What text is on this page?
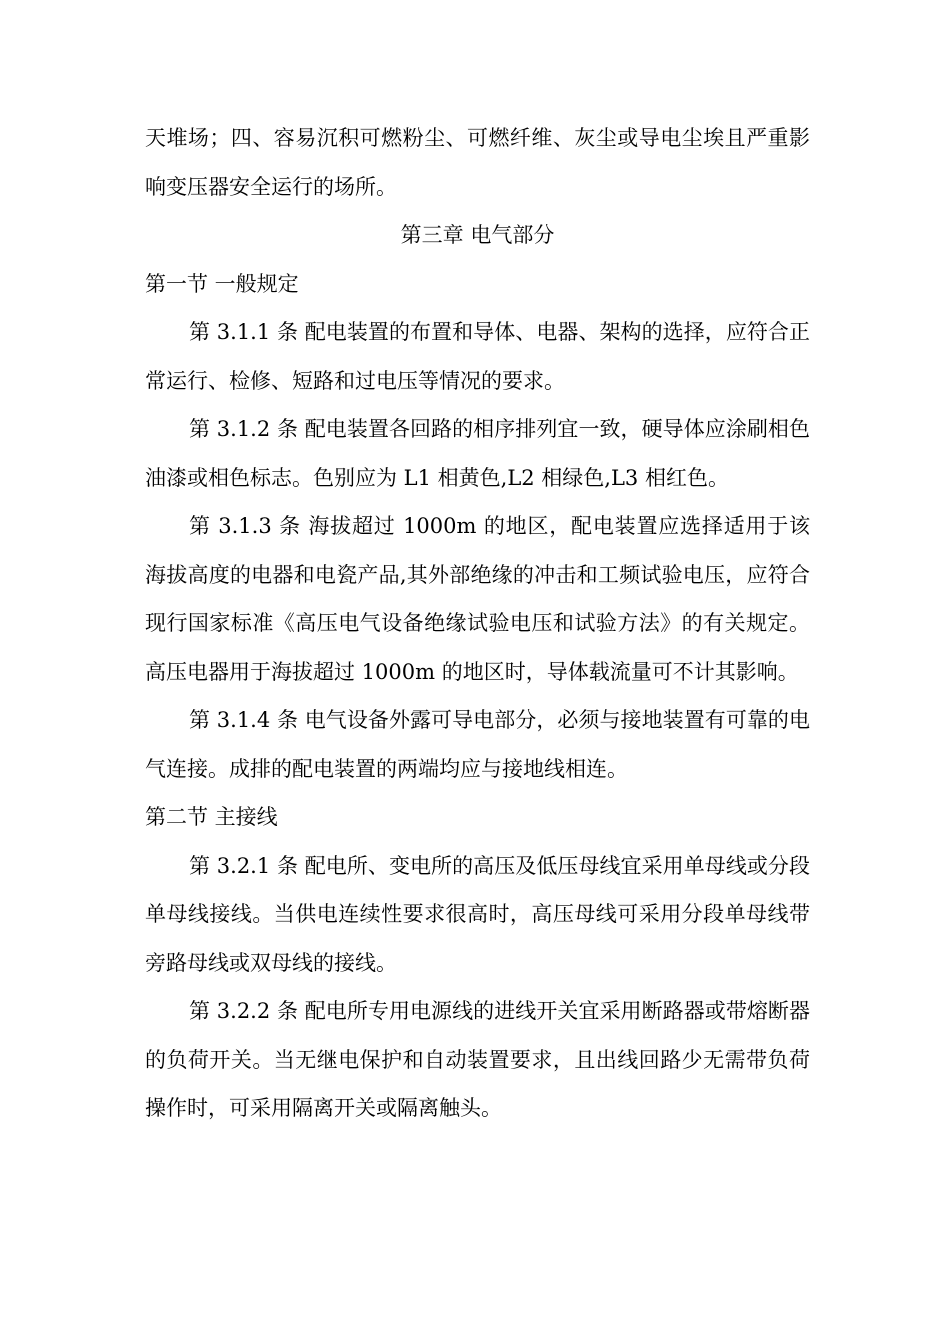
天堆场；四、容易沉积可燃粉尘、可燃纤维、灰尘或导电尘埃且严重影响变压器安全运行的场所。

第三章 电气部分

第一节 一般规定

第 3.1.1 条 配电装置的布置和导体、电器、架构的选择，应符合正常运行、检修、短路和过电压等情况的要求。

第 3.1.2 条 配电装置各回路的相序排列宜一致，硬导体应涂刷相色油漆或相色标志。色别应为 L1 相黄色,L2 相绿色,L3 相红色。

第 3.1.3 条 海拔超过 1000m 的地区，配电装置应选择适用于该海拔高度的电器和电瓷产品,其外部绝缘的冲击和工频试验电压，应符合现行国家标准《高压电气设备绝缘试验电压和试验方法》的有关规定。高压电器用于海拔超过 1000m 的地区时，导体载流量可不计其影响。

第 3.1.4 条 电气设备外露可导电部分，必须与接地装置有可靠的电气连接。成排的配电装置的两端均应与接地线相连。

第二节 主接线

第 3.2.1 条 配电所、变电所的高压及低压母线宜采用单母线或分段单母线接线。当供电连续性要求很高时，高压母线可采用分段单母线带旁路母线或双母线的接线。

第 3.2.2 条 配电所专用电源线的进线开关宜采用断路器或带熔断器的负荷开关。当无继电保护和自动装置要求，且出线回路少无需带负荷操作时，可采用隔离开关或隔离触头。
